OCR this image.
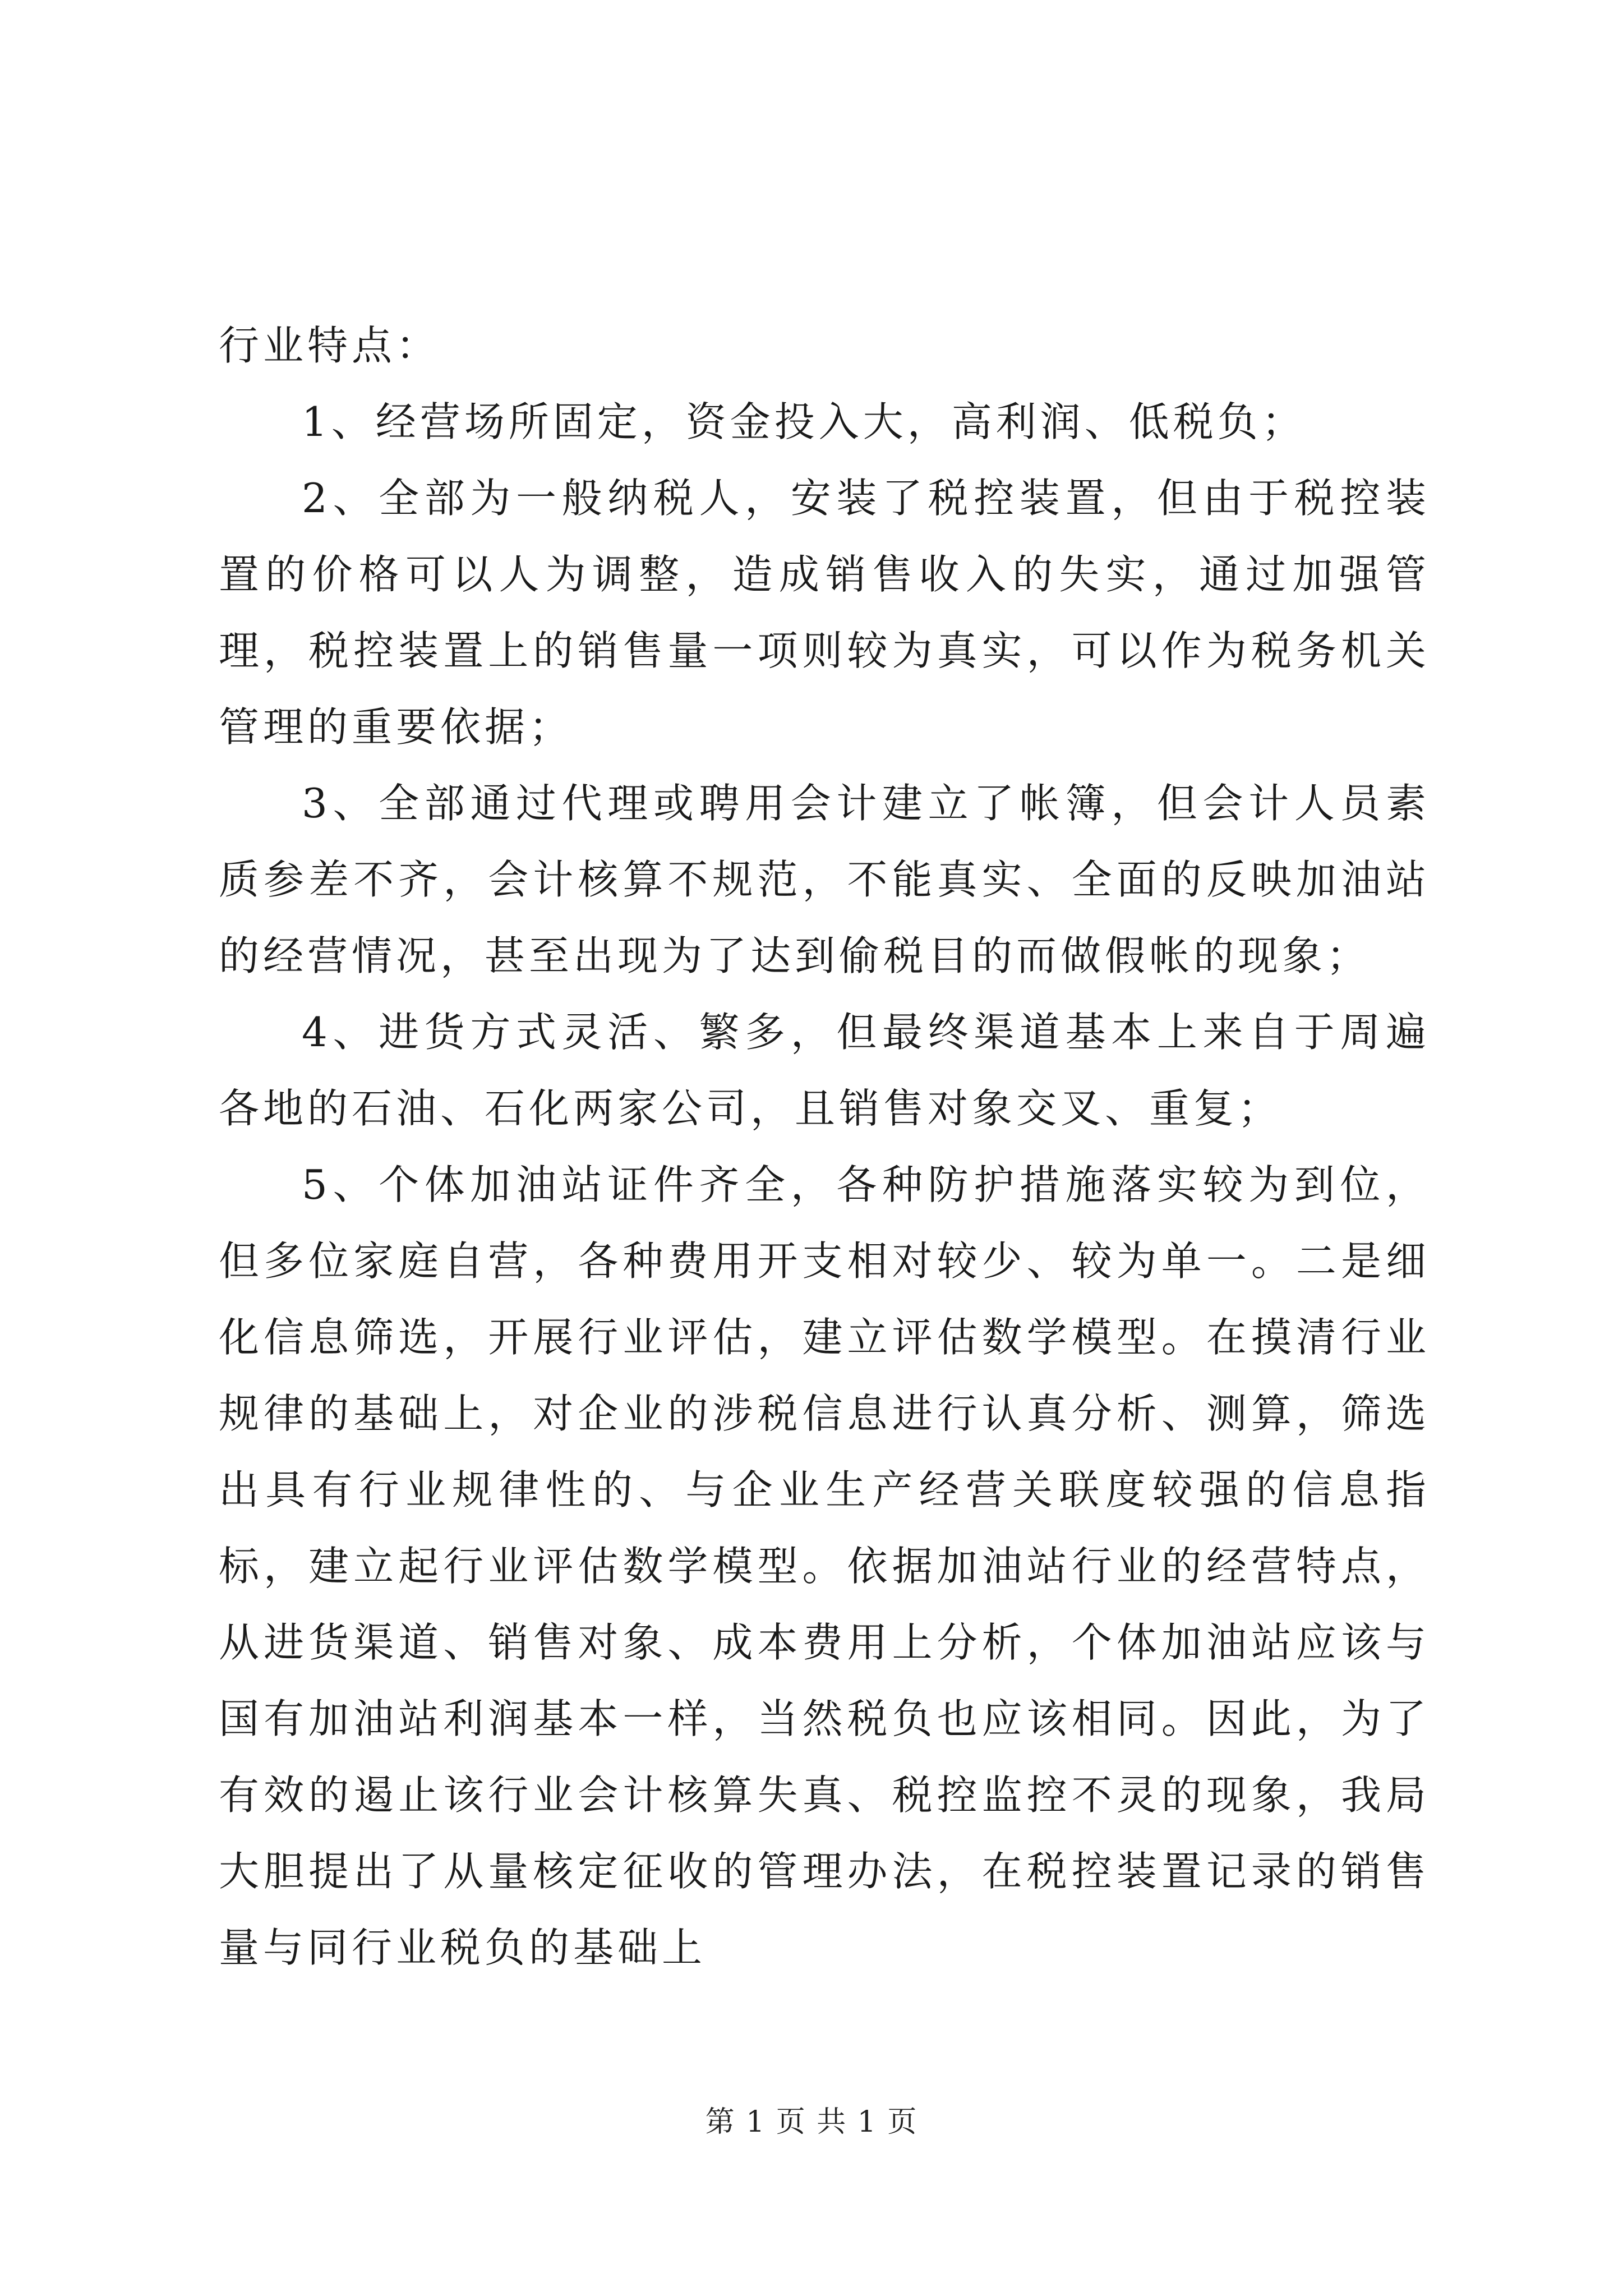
行业特点：

1、经营场所固定，资金投入大，高利润、低税负；

2、全部为一般纳税人，安装了税控装置，但由于税控装置的价格可以人为调整，造成销售收入的失实，通过加强管理，税控装置上的销售量一项则较为真实，可以作为税务机关管理的重要依据；

3、全部通过代理或聘用会计建立了帐簿，但会计人员素质参差不齐，会计核算不规范，不能真实、全面的反映加油站的经营情况，甚至出现为了达到偷税目的而做假帐的现象；

4、进货方式灵活、繁多，但最终渠道基本上来自于周遍各地的石油、石化两家公司，且销售对象交叉、重复；

5、个体加油站证件齐全，各种防护措施落实较为到位，但多位家庭自营，各种费用开支相对较少、较为单一。二是细化信息筛选，开展行业评估，建立评估数学模型。在摸清行业规律的基础上，对企业的涉税信息进行认真分析、测算，筛选出具有行业规律性的、与企业生产经营关联度较强的信息指标，建立起行业评估数学模型。依据加油站行业的经营特点，从进货渠道、销售对象、成本费用上分析，个体加油站应该与国有加油站利润基本一样，当然税负也应该相同。因此，为了有效的遏止该行业会计核算失真、税控监控不灵的现象，我局大胆提出了从量核定征收的管理办法，在税控装置记录的销售量与同行业税负的基础上

第 1 页 共 1 页
